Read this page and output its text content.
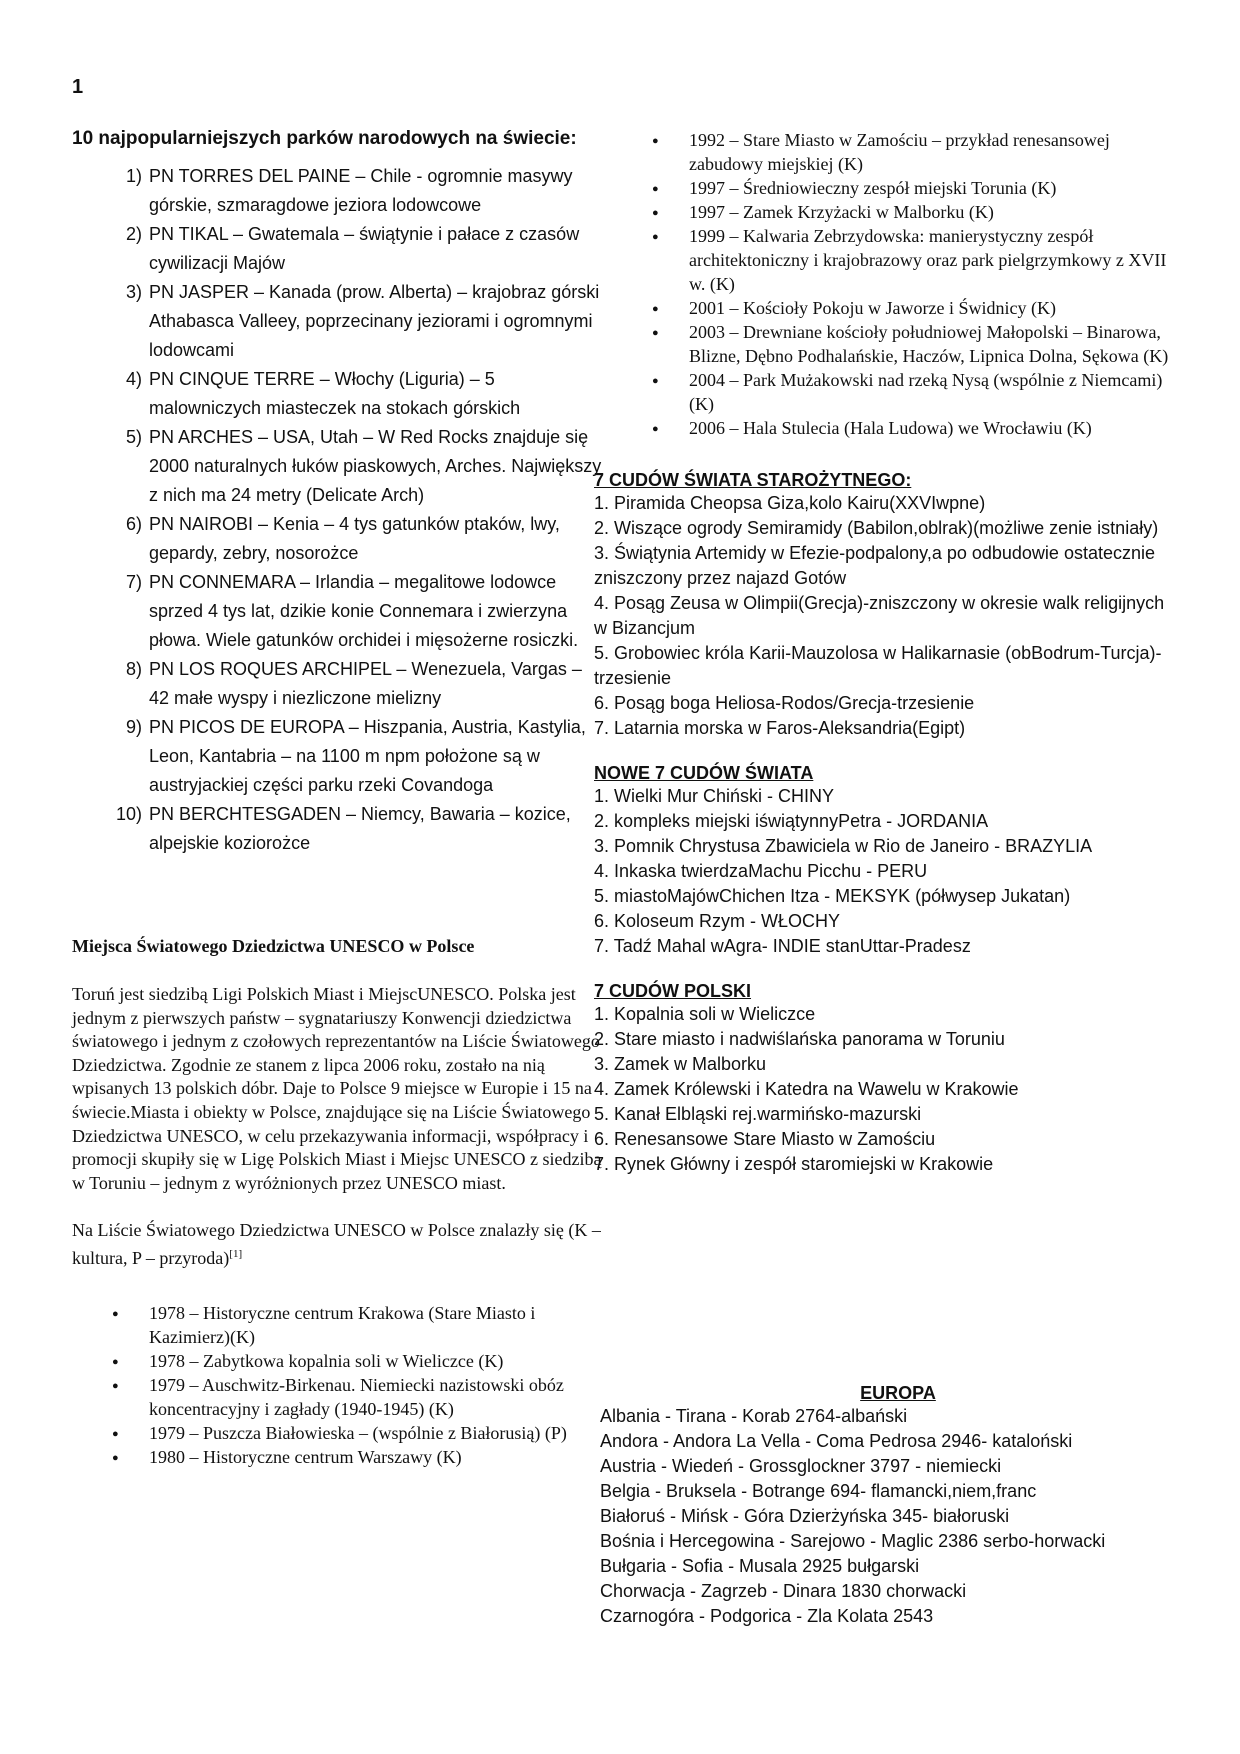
1
10 najpopularniejszych parków narodowych na świecie:
1) PN TORRES DEL PAINE – Chile - ogromnie masywy górskie, szmaragdowe jeziora lodowcowe
2) PN TIKAL – Gwatemala – świątynie i pałace z czasów cywilizacji Majów
3) PN JASPER – Kanada (prow. Alberta) – krajobraz górski Athabasca Valleey, poprzecinany jeziorami i ogromnymi lodowcami
4) PN CINQUE TERRE – Włochy (Liguria) – 5 malowniczych miasteczek na stokach górskich
5) PN ARCHES – USA, Utah – W Red Rocks znajduje się 2000 naturalnych łuków piaskowych, Arches. Największy z nich ma 24 metry (Delicate Arch)
6) PN NAIROBI – Kenia – 4 tys gatunków ptaków, lwy, gepardy, zebry, nosorożce
7) PN CONNEMARA – Irlandia – megalitowe lodowce sprzed 4 tys lat, dzikie konie Connemara i zwierzyna płowa. Wiele gatunków orchidei i mięsożerne rosiczki.
8) PN LOS ROQUES ARCHIPEL – Wenezuela, Vargas – 42 małe wyspy i niezliczone mielizny
9) PN PICOS DE EUROPA – Hiszpania, Austria, Kastylia, Leon, Kantabria – na 1100 m npm położone są w austryjackiej części parku rzeki Covandoga
10) PN BERCHTESGADEN – Niemcy, Bawaria – kozice, alpejskie koziorożce
Miejsca Światowego Dziedzictwa UNESCO w Polsce
Toruń jest siedzibą Ligi Polskich Miast i MiejscUNESCO. Polska jest jednym z pierwszych państw – sygnatariuszy Konwencji dziedzictwa światowego i jednym z czołowych reprezentantów na Liście Światowego Dziedzictwa. Zgodnie ze stanem z lipca 2006 roku, zostało na nią wpisanych 13 polskich dóbr. Daje to Polsce 9 miejsce w Europie i 15 na świecie.Miasta i obiekty w Polsce, znajdujące się na Liście Światowego Dziedzictwa UNESCO, w celu przekazywania informacji, współpracy i promocji skupiły się w Ligę Polskich Miast i Miejsc UNESCO z siedzibą w Toruniu – jednym z wyróżnionych przez UNESCO miast.
Na Liście Światowego Dziedzictwa UNESCO w Polsce znalazły się (K – kultura, P – przyroda)[1]
● 1978 – Historyczne centrum Krakowa (Stare Miasto i Kazimierz)(K)
● 1978 – Zabytkowa kopalnia soli w Wieliczce (K)
● 1979 – Auschwitz-Birkenau. Niemiecki nazistowski obóz koncentracyjny i zagłady (1940-1945) (K)
● 1979 – Puszcza Białowieska – (wspólnie z Białorusią) (P)
● 1980 – Historyczne centrum Warszawy (K)
● 1992 – Stare Miasto w Zamościu – przykład renesansowej zabudowy miejskiej (K)
● 1997 – Średniowieczny zespół miejski Torunia (K)
● 1997 – Zamek Krzyżacki w Malborku (K)
● 1999 – Kalwaria Zebrzydowska: manierystyczny zespół architektoniczny i krajobrazowy oraz park pielgrzymkowy z XVII w. (K)
● 2001 – Kościoły Pokoju w Jaworze i Świdnicy (K)
● 2003 – Drewniane kościoły południowej Małopolski – Binarowa, Blizne, Dębno Podhalańskie, Haczów, Lipnica Dolna, Sękowa (K)
● 2004 – Park Mużakowski nad rzeką Nysą (wspólnie z Niemcami) (K)
● 2006 – Hala Stulecia (Hala Ludowa) we Wrocławiu (K)
7 CUDÓW ŚWIATA STAROŻYTNEGO:
1. Piramida Cheopsa Giza,kolo Kairu(XXVIwpne)
2. Wiszące ogrody Semiramidy (Babilon,oblrak)(możliwe zenie istniały)
3. Świątynia Artemidy w Efezie-podpalony,a po odbudowie ostatecznie zniszczony przez najazd Gotów
4. Posąg Zeusa w Olimpii(Grecja)-zniszczony w okresie walk religijnych w Bizancjum
5. Grobowiec króla Karii-Mauzolosa w Halikarnasie (obBodrum-Turcja)-trzesienie
6. Posąg boga Heliosa-Rodos/Grecja-trzesienie
7. Latarnia morska w Faros-Aleksandria(Egipt)
NOWE 7 CUDÓW ŚWIATA
1. Wielki Mur Chiński - CHINY
2. kompleks miejski iświątynnyPetra - JORDANIA
3. Pomnik Chrystusa Zbawiciela w Rio de Janeiro - BRAZYLIA
4. Inkaska twierdzaMachu Picchu - PERU
5. miastoMajówChichen Itza - MEKSYK (półwysep Jukatan)
6. Koloseum Rzym - WŁOCHY
7. Tadź Mahal wAgra- INDIE stanUttar-Pradesz
7 CUDÓW POLSKI
1. Kopalnia soli w Wieliczce
2. Stare miasto i nadwiślańska panorama w Toruniu
3. Zamek w Malborku
4. Zamek Królewski i Katedra na Wawelu w Krakowie
5. Kanał Elbląski rej.warmińsko-mazurski
6. Renesansowe Stare Miasto w Zamościu
7. Rynek Główny i zespół staromiejski w Krakowie
EUROPA
Albania - Tirana - Korab 2764-albański
Andora - Andora La Vella - Coma Pedrosa 2946- kataloński
Austria - Wiedeń - Grossglockner 3797 - niemiecki
Belgia - Bruksela - Botrange 694- flamancki,niem,franc
Białoruś - Mińsk - Góra Dzierżyńska 345- białoruski
Bośnia i Hercegowina - Sarejowo - Maglic 2386 serbo-horwacki
Bułgaria - Sofia - Musala 2925 bułgarski
Chorwacja - Zagrzeb - Dinara 1830 chorwacki
Czarnogóra - Podgorica - Zla Kolata 2543
